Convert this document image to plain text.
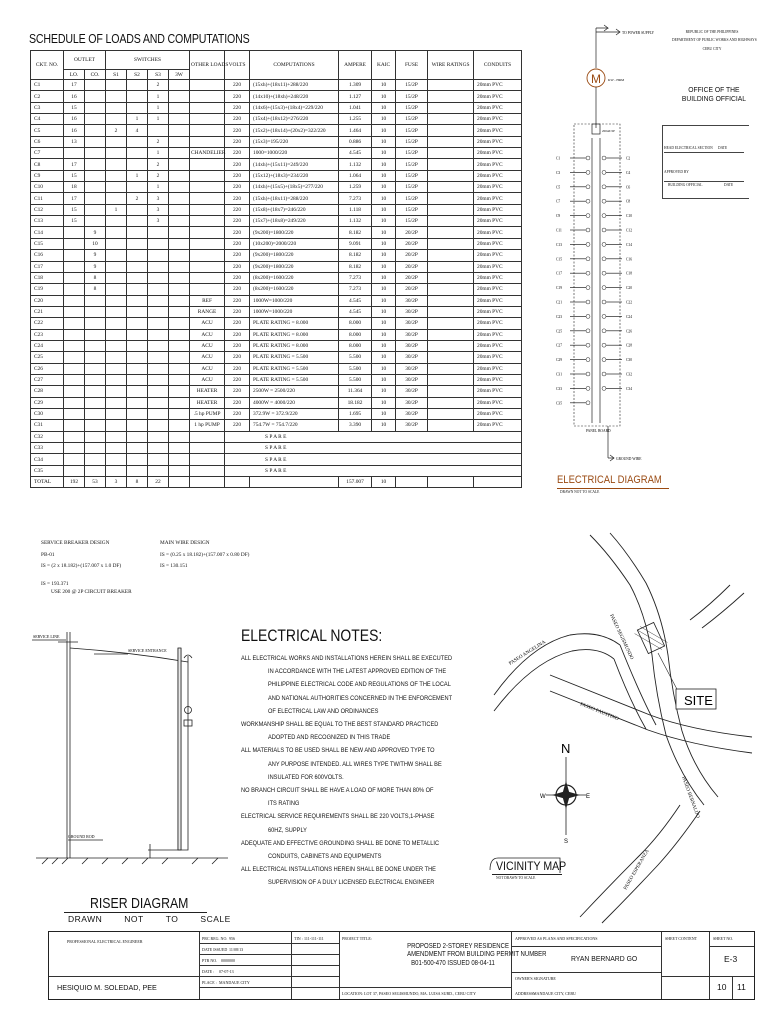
SCHEDULE OF LOADS AND COMPUTATIONS
CKT. NO.	OUTLET		SWITCHES				OTHER LOADS	VOLTS	COMPUTATIONS	AMPERE	KAIC	FUSE	WIRE RATINGS	CONDUITS
	LO.	CO.	S1	S2	S3	3W								
C1	17				2			220	(15xh)+(18x11)+288/220	1.309	10	15/2P		20mm PVC
C2	16				1			220	(14x10)+(18xh)+248/220	1.127	10	15/2P		20mm PVC
C3	15				1			220	(14x6)+(15x3)+(18x4)=229/220	1.041	10	15/2P		20mm PVC
C4	16			1	1			220	(15x4)+(18x12)=276/220	1.255	10	15/2P		20mm PVC
C5	16		2	4				220	(15x2)+(18x14)+(20x2)=322/220	1.464	10	15/2P		20mm PVC
C6	13				2			220	(15x3)=195/220	0.886	10	15/2P		20mm PVC
C7					1		CHANDELIER	220	1000=1000/220	4.545	10	15/2P		20mm PVC
C8	17				2			220	(14xh)+(15x11)=249/220	1.132	10	15/2P		20mm PVC
C9	15			1	2			220	(15x12)+(18x3)=234/220	1.064	10	15/2P		20mm PVC
C10	18				1			220	(14xh)+(15x5)+(18x5)=277/220	1.259	10	15/2P		20mm PVC
C11	17			2	3			220	(15xh)+(18x11)=288/220	7.273	10	15/2P		20mm PVC
C12	15		1		3			220	(15x8)+(18x7)=246/220	1.118	10	15/2P		20mm PVC
C13	15				3			220	(15x7)+(18x8)=249/220	1.132	10	15/2P		20mm PVC
C14		9						220	(9x200)=1800/220	8.182	10	20/2P		20mm PVC
C15		10						220	(10x200)=2000/220	9.091	10	20/2P		20mm PVC
C16		9						220	(9x200)=1800/220	8.182	10	20/2P		20mm PVC
C17		9						220	(9x200)=1800/220	8.182	10	20/2P		20mm PVC
C18		8						220	(8x200)=1600/220	7.273	10	20/2P		20mm PVC
C19		8						220	(8x200)=1600/220	7.273	10	20/2P		20mm PVC
C20							REF	220	1000W=1000/220	4.545	10	30/2P		20mm PVC
C21							RANGE	220	1000W=1000/220	4.545	10	30/2P		20mm PVC
C22							ACU	220	PLATE RATING = 8.000	8.000	10	30/2P		20mm PVC
C23							ACU	220	PLATE RATING = 8.000	8.000	10	30/2P		20mm PVC
C24							ACU	220	PLATE RATING = 8.000	8.000	10	30/2P		20mm PVC
C25							ACU	220	PLATE RATING = 5.500	5.500	10	30/2P		20mm PVC
C26							ACU	220	PLATE RATING = 5.500	5.500	10	30/2P		20mm PVC
C27							ACU	220	PLATE RATING = 5.500	5.500	10	30/2P		20mm PVC
C28							HEATER	220	2500W = 2500/220	11.364	10	30/2P		20mm PVC
C29							HEATER	220	4000W = 4000/220	18.182	10	30/2P		20mm PVC
C30							.5 hp PUMP	220	372.9W = 372.9/220	1.695	10	30/2P		20mm PVC
C31							1 hp PUMP	220	754.7W = 754.7/220	3.390	10	30/2P		20mm PVC
C32								S P A R E						
C33								S P A R E						
C34								S P A R E						
C35								S P A R E						
TOTAL	192	53	3	8	22					157.007	10			
SERVICE BREAKER DESIGN
PB-01
IS = (2 x 18.182)+(157.007 x 1.0 DF)
IS = 193.371
USE 200 @ 2P CIRCUIT BREAKER
MAIN WIRE DESIGN
IS = (0.25 x 18.182)+(157.007 x 0.80 DF)
IS = 130.151
SERVICE LINE
SERVICE ENTRANCE
GROUND ROD
RISER DIAGRAM
DRAWN	NOT	TO	SCALE
ELECTRICAL NOTES:
ALL ELECTRICAL WORKS AND INSTALLATIONS HEREIN SHALL BE EXECUTED
IN ACCORDANCE WITH THE LATEST APPROVED EDITION OF THE
PHILIPPINE ELECTRICAL CODE AND REGULATIONS OF THE LOCAL
AND NATIONAL AUTHORITIES CONCERNED IN THE ENFORCEMENT
OF ELECTRICAL LAW AND ORDINANCES
WORKMANSHIP SHALL BE EQUAL TO THE BEST STANDARD PRACTICED
ADOPTED AND RECOGNIZED IN THIS TRADE
ALL MATERIALS TO BE USED SHALL BE NEW AND APPROVED TYPE TO
ANY PURPOSE INTENDED. ALL WIRES TYPE TW/THW SHALL BE
INSULATED FOR 600VOLTS.
NO BRANCH CIRCUIT SHALL BE HAVE A LOAD OF MORE THAN 80% OF
ITS RATING
ELECTRICAL SERVICE REQUIREMENTS SHALL BE 220 VOLTS,1-PHASE
60HZ, SUPPLY
ADEQUATE AND EFFECTIVE GROUNDING SHALL BE DONE TO METALLIC
CONDUITS, CABINETS AND EQUIPMENTS
ALL ELECTRICAL INSTALLATIONS HEREIN SHALL BE DONE UNDER THE
SUPERVISION OF A DULY LICENSED ELECTRICAL ENGINEER
TO POWER SUPPLY
M KW - HRM
200AT/2P
C1
C3
C5
C7
C9
C11
C13
C15
C17
C19
C21
C23
C25
C27
C29
C31
C33
C35
C2
C4
C6
C8
C10
C12
C14
C16
C18
C20
C22
C24
C26
C28
C30
C32
C34
PANEL BOARD
GROUND WIRE
ELECTRICAL DIAGRAM
DRAWN NOT TO SCALE
REPUBLIC OF THE PHILIPPINES
DEPARTMENT OF PUBLIC WORKS AND HIGHWAYS
CEBU CITY
OFFICE OF THE
BUILDING OFFICIAL
HEAD ELECTRICAL SECTION DATE
APPROVED BY
BUILDING OFFICIAL	DATE
SITE
PASEO ANGELINA	PASEO SEGISMUNDO
PASEO FAUSTINO
PASEO BERNALDO
PASEO ESPERANZA
N
S
E
W
VICINITY MAP
NOT DRAWN TO SCALE
PROFESSIONAL ELECTRICAL ENGINEER
HESIQUIO M. SOLEDAD, PEE
PRC REG. NO. 956
DATE ISSUED 11/08/13
PTR NO. 0000000
DATE : 07-07-13
PLACE : MANDAUE CITY
TIN : 111-111-111	PROJECT TITLE:
PROPOSED 2-STOREY RESIDENCE
AMENDMENT FROM BUILDING PERMIT NUMBER
B01-500-470 ISSUED 08-04-11
LOCATION: LOT 37, PASEO SEGISMUNDO, MA. LUISA SUBD., CEBU CITY
APPROVED AS PLANS AND SPECIFICATIONS
RYAN BERNARD GO
OWNER'S SIGNATURE
ADDRESS :
MANDAUE CITY, CEBU
SHEET CONTENT	SHEET NO.
E-3
10 11
